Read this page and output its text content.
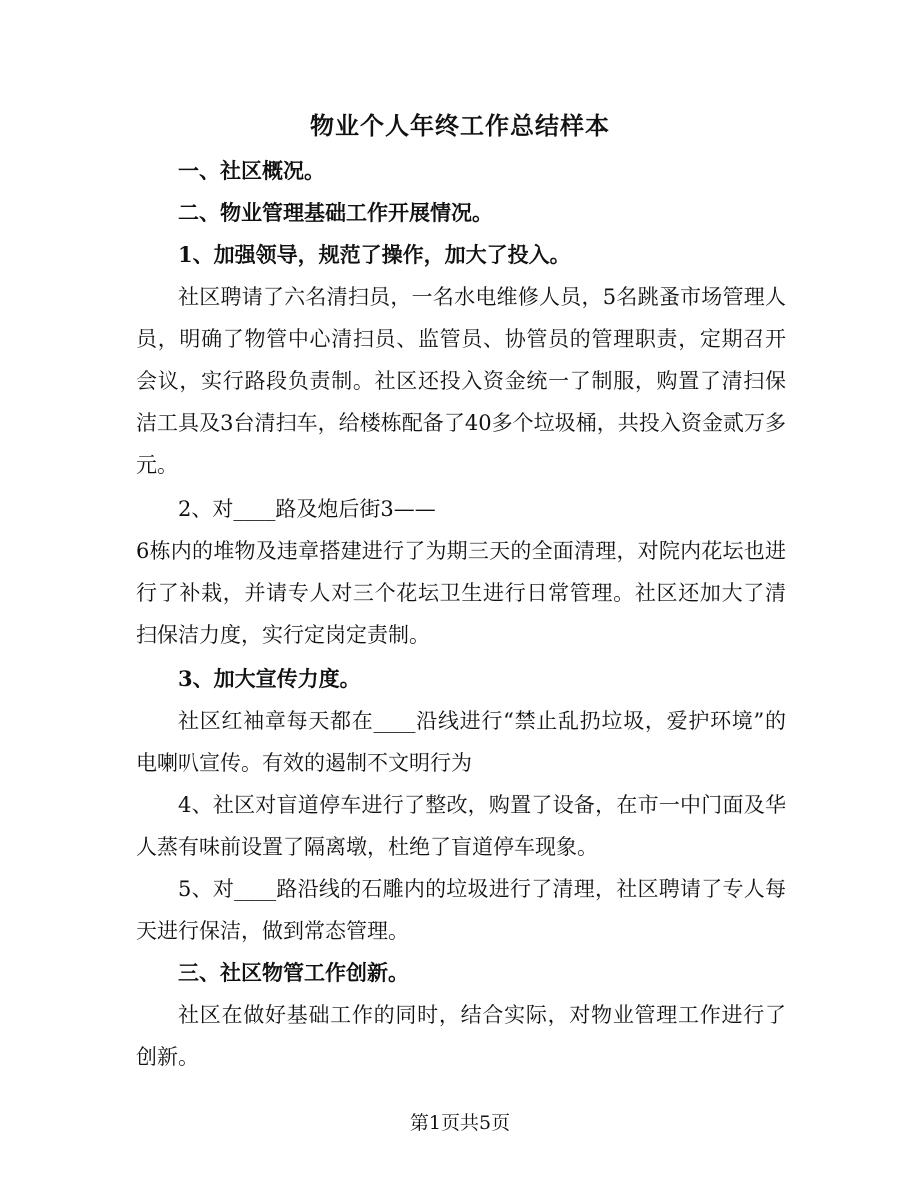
物业个人年终工作总结样本

一、社区概况。

二、物业管理基础工作开展情况。

1、加强领导，规范了操作，加大了投入。

社区聘请了六名清扫员，一名水电维修人员，5名跳蚤市场管理人员，明确了物管中心清扫员、监管员、协管员的管理职责，定期召开会议，实行路段负责制。社区还投入资金统一了制服，购置了清扫保洁工具及3台清扫车，给楼栋配备了40多个垃圾桶，共投入资金贰万多元。

2、对____路及炮后街3——

6栋内的堆物及违章搭建进行了为期三天的全面清理，对院内花坛也进行了补栽，并请专人对三个花坛卫生进行日常管理。社区还加大了清扫保洁力度，实行定岗定责制。

3、加大宣传力度。

社区红袖章每天都在____沿线进行“禁止乱扔垃圾，爱护环境”的电喇叭宣传。有效的遏制不文明行为

4、社区对盲道停车进行了整改，购置了设备，在市一中门面及华人蒸有味前设置了隔离墩，杜绝了盲道停车现象。

5、对____路沿线的石雕内的垃圾进行了清理，社区聘请了专人每天进行保洁，做到常态管理。

三、社区物管工作创新。

社区在做好基础工作的同时，结合实际，对物业管理工作进行了创新。

第1页共5页
